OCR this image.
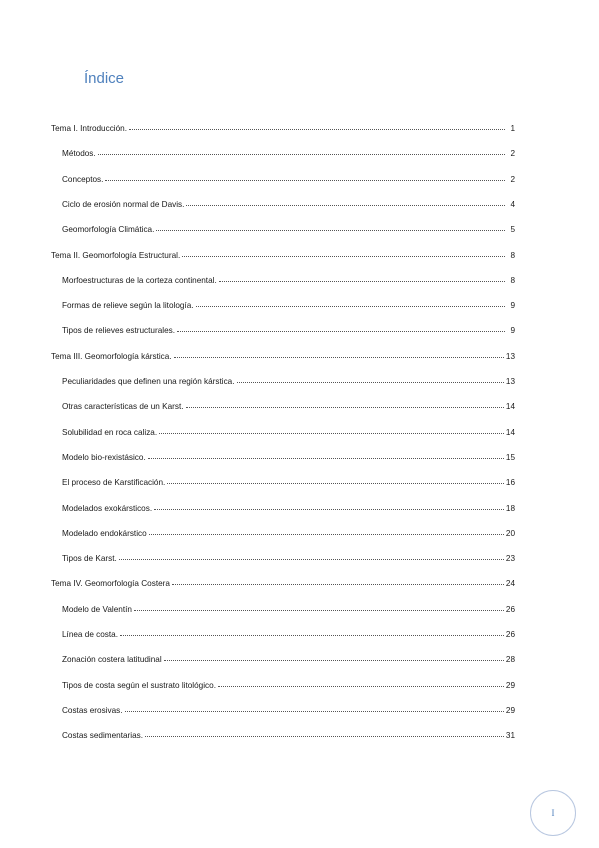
Índice
Tema I. Introducción.	1
Métodos.	2
Conceptos.	2
Ciclo de erosión normal de Davis.	4
Geomorfología Climática.	5
Tema II. Geomorfología Estructural.	8
Morfoestructuras de la corteza continental.	8
Formas de relieve según la litología.	9
Tipos de relieves estructurales.	9
Tema III. Geomorfología kárstica.	13
Peculiaridades que definen una región kárstica.	13
Otras características de un Karst.	14
Solubilidad en roca caliza.	14
Modelo bio-rexistásico.	15
El proceso de Karstificación.	16
Modelados exokársticos.	18
Modelado endokárstico	20
Tipos de Karst.	23
Tema IV. Geomorfología Costera	24
Modelo de Valentín	26
Línea de costa.	26
Zonación costera latitudinal	28
Tipos de costa según el sustrato litológico.	29
Costas erosivas.	29
Costas sedimentarias.	31
I
